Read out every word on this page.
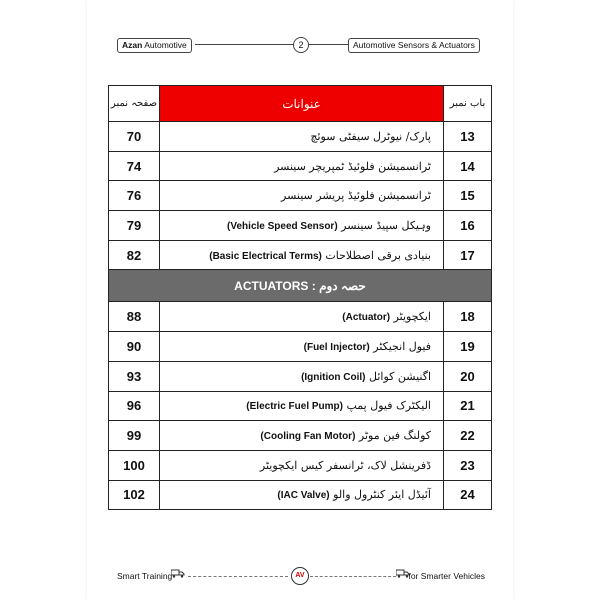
Azan Automotive	2	Automotive Sensors & Actuators
صفحہ نمبر	عنوانات	باب نمبر
70	پارک/ نیوٹرل سیفٹی سوئچ	13
74	ٹرانسمیشن فلوئیڈ ٹمپریچر سینسر	14
76	ٹرانسمیشن فلوئیڈ پریشر سینسر	15
79	وہیکل سپیڈ سینسر (Vehicle Speed Sensor)	16
82	بنیادی برقی اصطلاحات (Basic Electrical Terms)	17
ACTUATORS : حصہ دوم		
88	ایکچویٹر (Actuator)	18
90	فیول انجیکٹر (Fuel Injector)	19
93	اگنیشن کوائل (Ignition Coil)	20
96	الیکٹرک فیول پمپ (Electric Fuel Pump)	21
99	کولنگ فین موٹر (Cooling Fan Motor)	22
100	ڈفرینشل لاک، ٹرانسفر کیس ایکچویٹر	23
102	آئیڈل ایئر کنٹرول والو (IAC Valve)	24
Smart Training	AV	for Smarter Vehicles
